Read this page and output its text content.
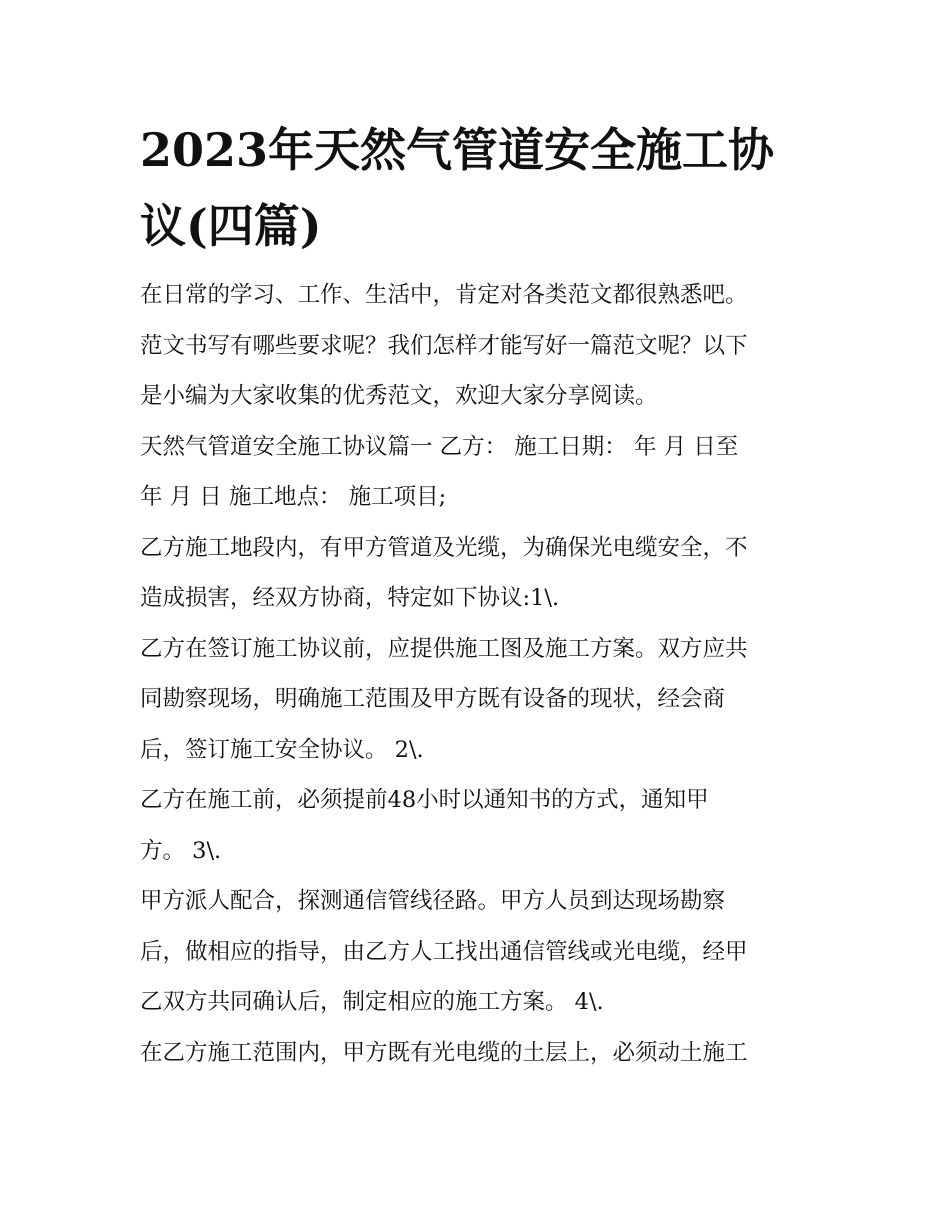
2023年天然气管道安全施工协
议(四篇)

在日常的学习、工作、生活中，肯定对各类范文都很熟悉吧。
范文书写有哪些要求呢？我们怎样才能写好一篇范文呢？以下
是小编为大家收集的优秀范文，欢迎大家分享阅读。

天然气管道安全施工协议篇一 乙方： 施工日期： 年 月 日至
年 月 日 施工地点： 施工项目;

乙方施工地段内，有甲方管道及光缆，为确保光电缆安全，不
造成损害，经双方协商，特定如下协议:1\.

乙方在签订施工协议前，应提供施工图及施工方案。双方应共
同勘察现场，明确施工范围及甲方既有设备的现状，经会商
后，签订施工安全协议。 2\.

乙方在施工前，必须提前48小时以通知书的方式，通知甲
方。 3\.

甲方派人配合，探测通信管线径路。甲方人员到达现场勘察
后，做相应的指导，由乙方人工找出通信管线或光电缆，经甲
乙双方共同确认后，制定相应的施工方案。 4\.

在乙方施工范围内，甲方既有光电缆的土层上，必须动土施工
